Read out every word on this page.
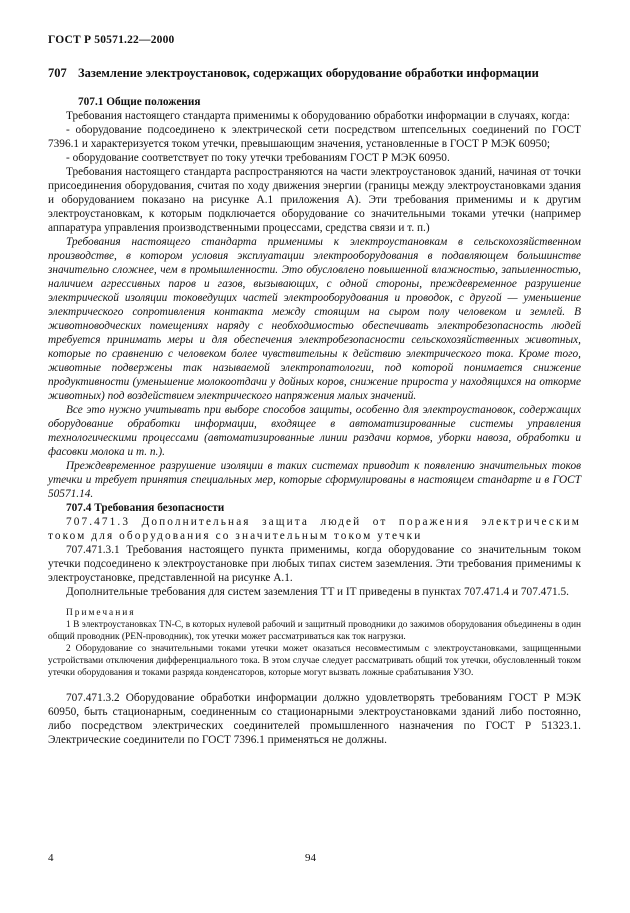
ГОСТ Р 50571.22—2000
707 Заземление электроустановок, содержащих оборудование обработки информации
707.1 Общие положения

Требования настоящего стандарта применимы к оборудованию обработки информации в случаях, когда:

- оборудование подсоединено к электрической сети посредством штепсельных соединений по ГОСТ 7396.1 и характеризуется током утечки, превышающим значения, установленные в ГОСТ Р МЭК 60950;

- оборудование соответствует по току утечки требованиям ГОСТ Р МЭК 60950.

Требования настоящего стандарта распространяются на части электроустановок зданий, начиная от точки присоединения оборудования, считая по ходу движения энергии (границы между электроустановками здания и оборудованием показано на рисунке А.1 приложения А). Эти требования применимы и к другим электроустановкам, к которым подключается оборудование со значительными токами утечки (например аппаратура управления производственными процессами, средства связи и т. п.)

Требования настоящего стандарта применимы к электроустановкам в сельскохозяйственном производстве, в котором условия эксплуатации электрооборудования в подавляющем большинстве значительно сложнее, чем в промышленности. Это обусловлено повышенной влажностью, запыленностью, наличием агрессивных паров и газов, вызывающих, с одной стороны, преждевременное разрушение электрической изоляции токоведущих частей электрооборудования и проводок, с другой — уменьшение электрического сопротивления контакта между стоящим на сыром полу человеком и землей. В животноводческих помещениях наряду с необходимостью обеспечивать электробезопасность людей требуется принимать меры и для обеспечения электробезопасности сельскохозяйственных животных, которые по сравнению с человеком более чувствительны к действию электрического тока. Кроме того, животные подвержены так называемой электропатологии, под которой понимается снижение продуктивности (уменьшение молокоотдачи у дойных коров, снижение прироста у находящихся на откорме животных) под воздействием электрического напряжения малых значений.

Все это нужно учитывать при выборе способов защиты, особенно для электроустановок, содержащих оборудование обработки информации, входящее в автоматизированные системы управления технологическими процессами (автоматизированные линии раздачи кормов, уборки навоза, обработки и фасовки молока и т. п.).

Преждевременное разрушение изоляции в таких системах приводит к появлению значительных токов утечки и требует принятия специальных мер, которые сформулированы в настоящем стандарте и в ГОСТ 50571.14.

707.4 Требования безопасности

707.471.3 Дополнительная защита людей от поражения электрическим током для оборудования со значительным током утечки

707.471.3.1 Требования настоящего пункта применимы, когда оборудование со значительным током утечки подсоединено к электроустановке при любых типах систем заземления. Эти требования применимы к электроустановке, представленной на рисунке А.1.

Дополнительные требования для систем заземления TT и IT приведены в пунктах 707.471.4 и 707.471.5.

Примечания

1 В электроустановках TN-C, в которых нулевой рабочий и защитный проводники до зажимов оборудования объединены в один общий проводник (PEN-проводник), ток утечки может рассматриваться как ток нагрузки.

2 Оборудование со значительными токами утечки может оказаться несовместимым с электроустановками, защищенными устройствами отключения дифференциального тока. В этом случае следует рассматривать общий ток утечки, обусловленный током утечки оборудования и токами разряда конденсаторов, которые могут вызвать ложные срабатывания УЗО.

707.471.3.2 Оборудование обработки информации должно удовлетворять требованиям ГОСТ Р МЭК 60950, быть стационарным, соединенным со стационарными электроустановками зданий либо постоянно, либо посредством электрических соединителей промышленного назначения по ГОСТ Р 51323.1. Электрические соединители по ГОСТ 7396.1 применяться не должны.

4	94
